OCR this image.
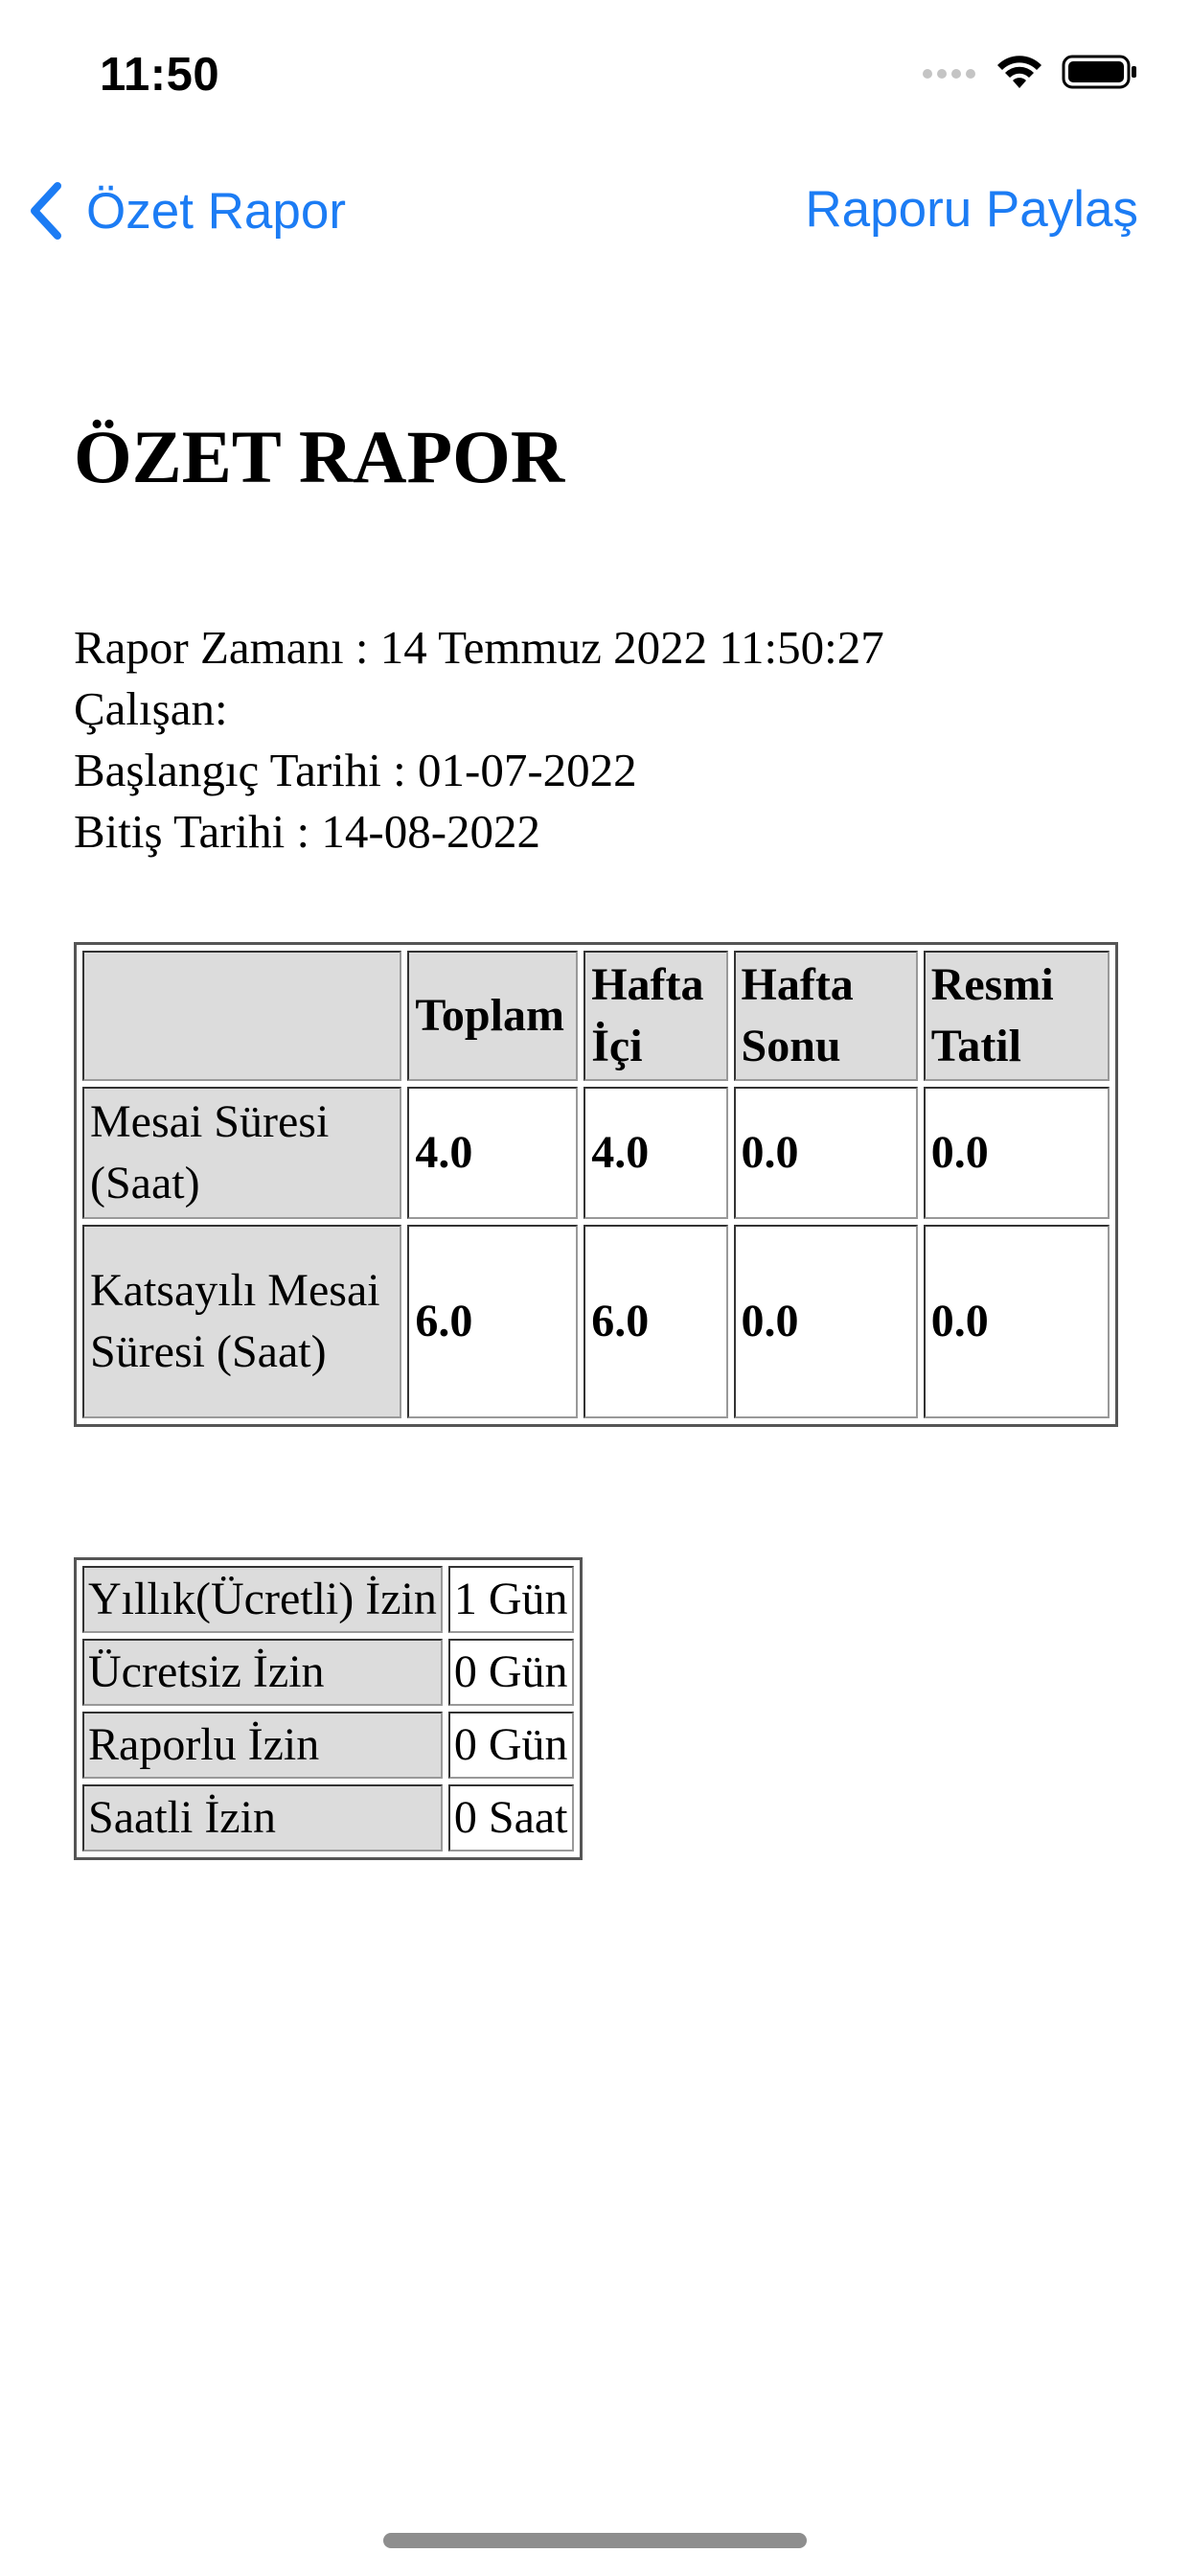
11:50
Özet Rapor	Raporu Paylaş
ÖZET RAPOR
Rapor Zamanı : 14 Temmuz 2022 11:50:27
Çalışan:
Başlangıç Tarihi : 01-07-2022
Bitiş Tarihi : 14-08-2022
	Toplam	Hafta İçi	Hafta Sonu	Resmi Tatil
Mesai Süresi (Saat)	4.0	4.0	0.0	0.0
Katsayılı Mesai Süresi (Saat)	6.0	6.0	0.0	0.0
Yıllık(Ücretli) İzin	1 Gün
Ücretsiz İzin	0 Gün
Raporlu İzin	0 Gün
Saatli İzin	0 Saat
